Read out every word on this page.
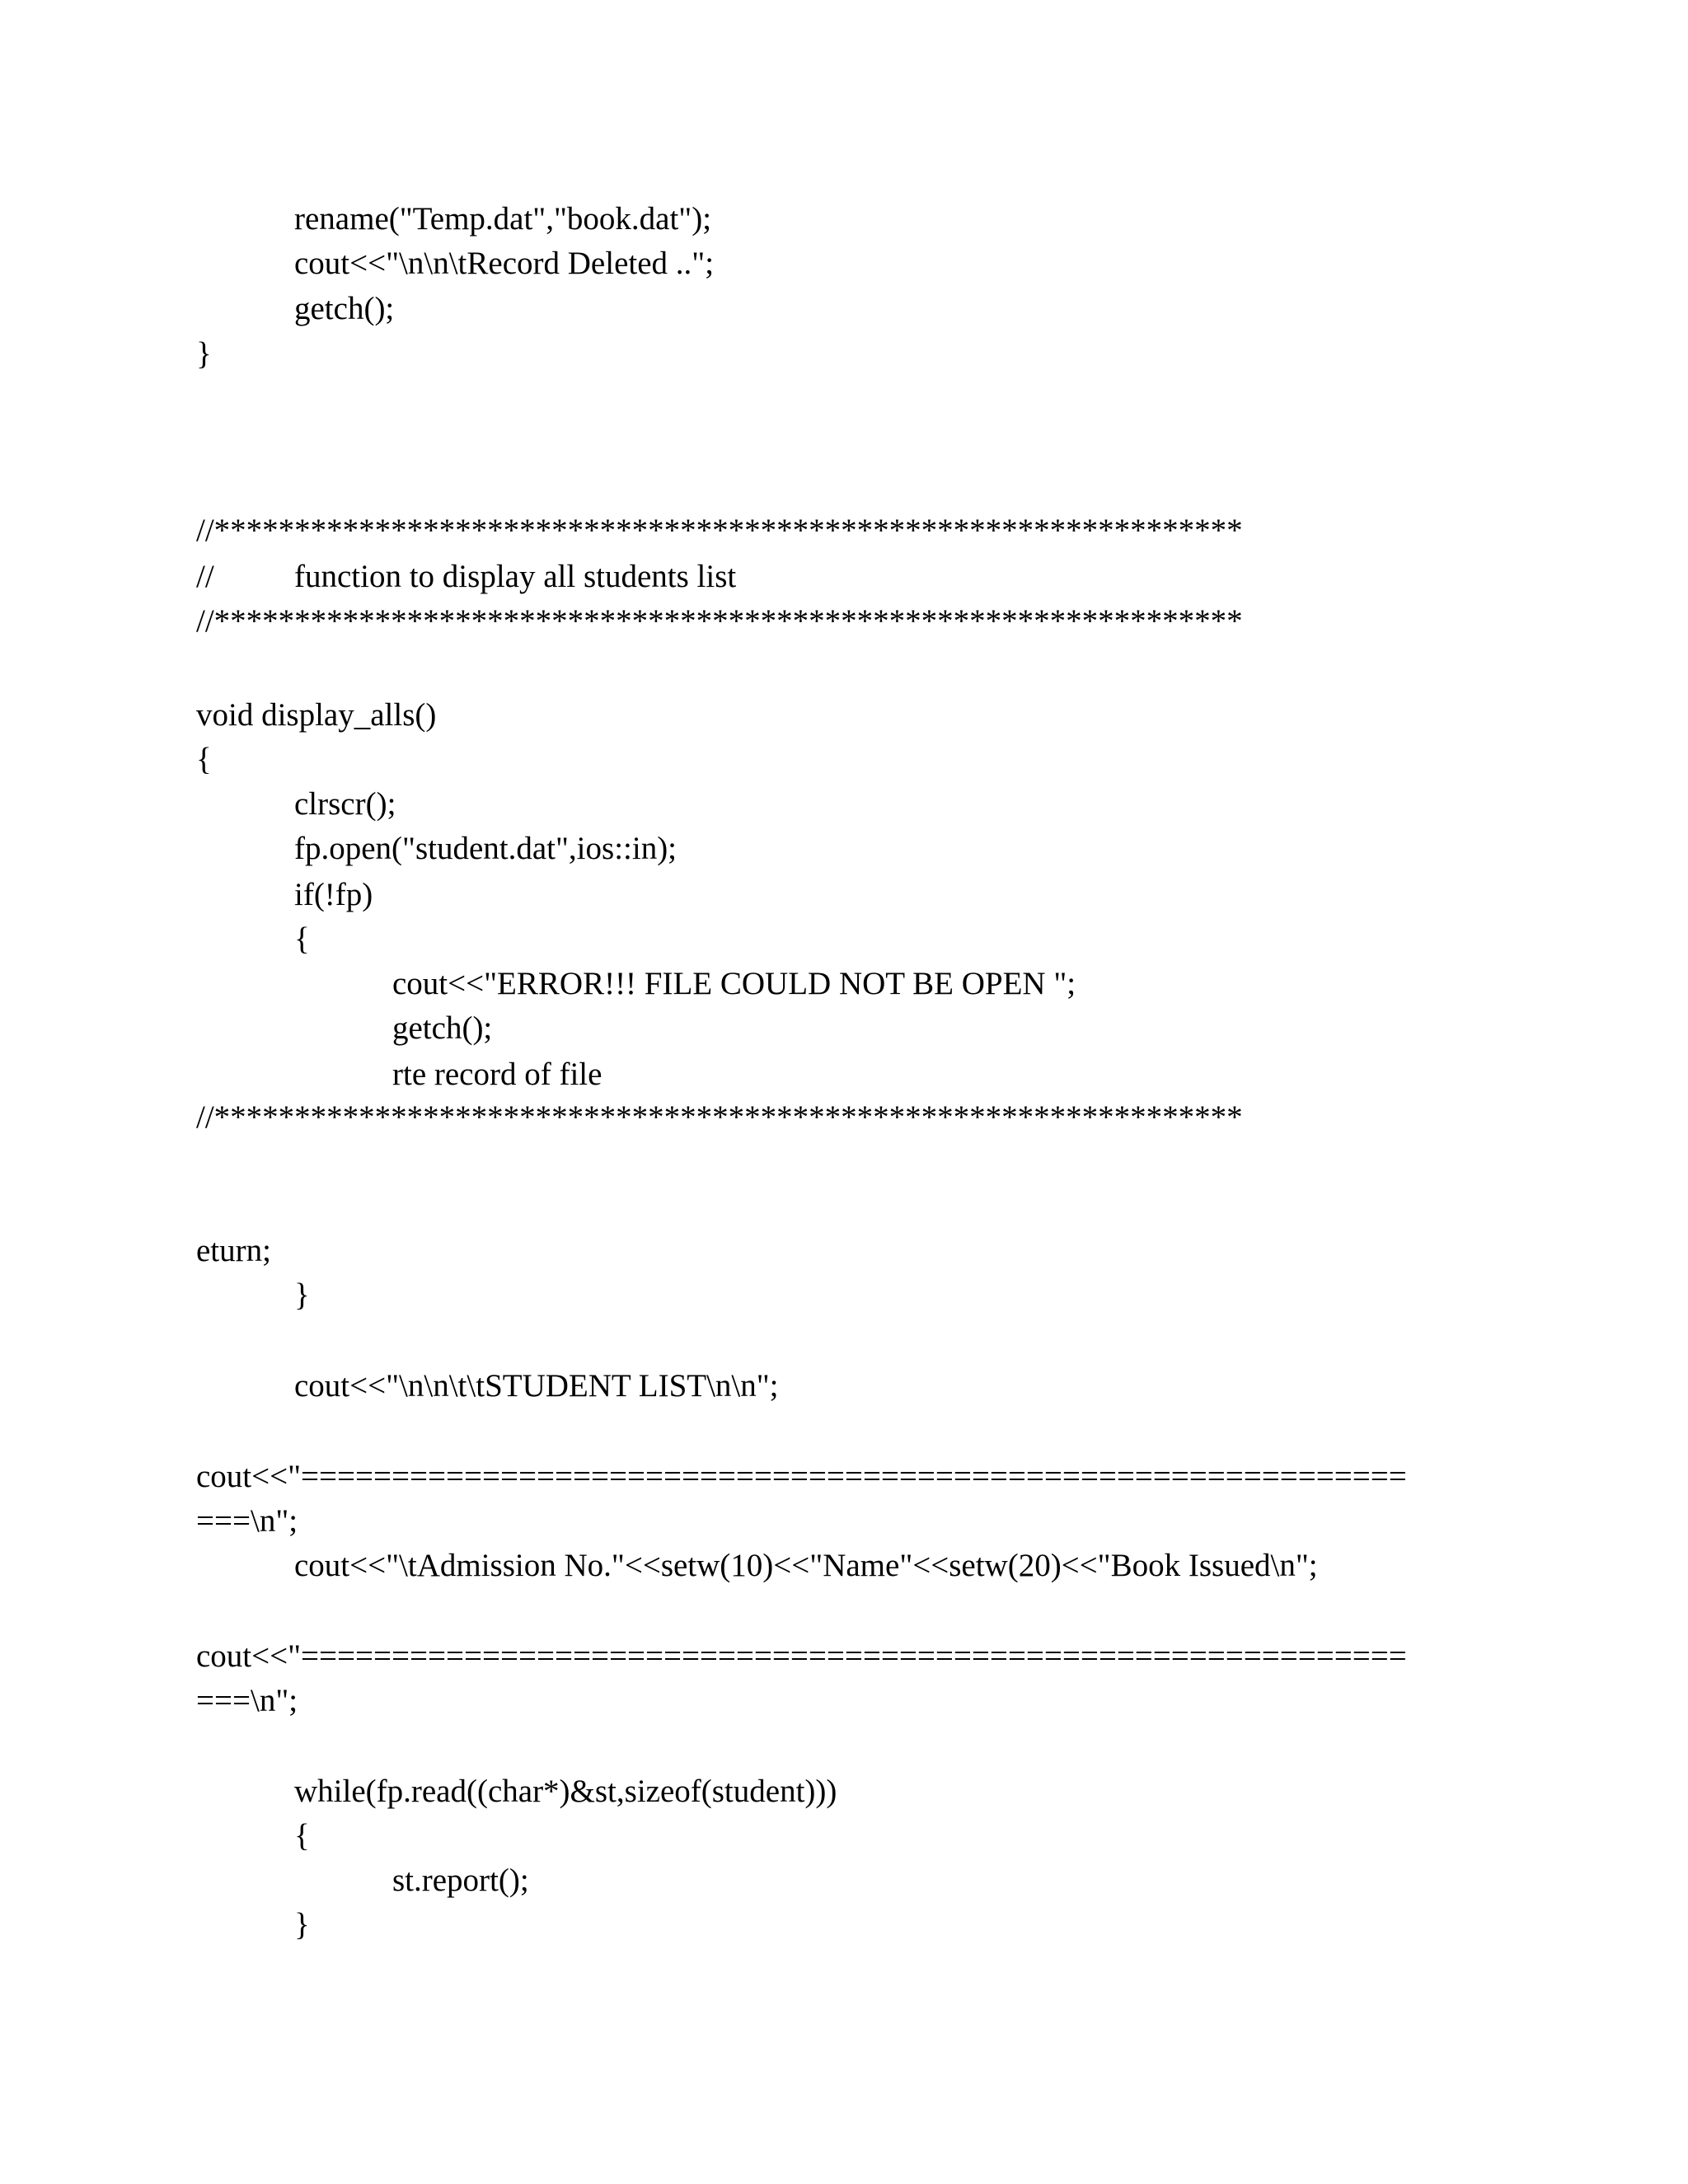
rename("Temp.dat","book.dat");
cout<<"\n\n\tRecord Deleted ..";
getch();
}
//****************************************************************
// function to display all students list
//****************************************************************
void display_alls()
{
clrscr();
fp.open("student.dat",ios::in);
if(!fp)
{
cout<<"ERROR!!! FILE COULD NOT BE OPEN ";
getch();
rte record of file
//****************************************************************
eturn;
}
cout<<"\n\n\t\tSTUDENT LIST\n\n";
cout<<"=============================================================
===\n";
cout<<"\tAdmission No."<<setw(10)<<"Name"<<setw(20)<<"Book Issued\n";
cout<<"=============================================================
===\n";
while(fp.read((char*)&st,sizeof(student)))
{
st.report();
}
